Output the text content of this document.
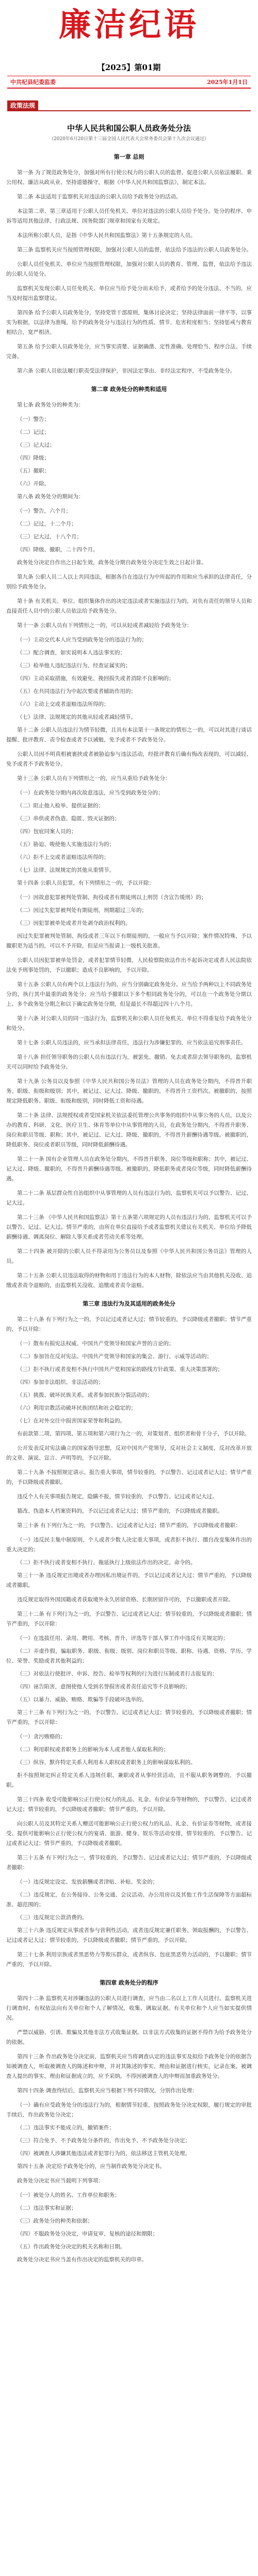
廉洁纪语
【2025】第01期
中共杞县纪委监委	2025年1月1日
政策法规
中华人民共和国公职人员政务处分法
（2020年6月20日第十三届全国人民代表大会常务委员会第十九次会议通过）

第一章 总则

第一条 为了规范政务处分，加强对所有行使公权力的公职人员的监督，促进公职人员依法履职、秉公用权、廉洁从政从业、坚持道德操守，根据《中华人民共和国监察法》，制定本法。

第二条 本法适用于监察机关对违法的公职人员给予政务处分的活动。

本法第二章、第三章适用于公职人员任免机关、单位对违法的公职人员给予处分。处分的程序、申诉等适用其他法律、行政法规、国务院部门规章和国家有关规定。

本法所称公职人员，是指《中华人民共和国监察法》第十五条规定的人员。

第三条 监察机关应当按照管理权限，加强对公职人员的监督，依法给予违法的公职人员政务处分。

公职人员任免机关、单位应当按照管理权限，加强对公职人员的教育、管理、监督，依法给予违法的公职人员处分。

监察机关发现公职人员任免机关、单位应当给予处分而未给予，或者给予的处分违法、不当的，应当及时提出监察建议。

第四条 给予公职人员政务处分，坚持党管干部原则，集体讨论决定；坚持法律面前一律平等，以事实为根据，以法律为准绳，给予的政务处分与违法行为的性质、情节、危害程度相当；坚持惩戒与教育相结合，宽严相济。

第五条 给予公职人员政务处分，应当事实清楚、证据确凿、定性准确、处理恰当、程序合法、手续完备。

第六条 公职人员依法履行职责受法律保护，非因法定事由、非经法定程序，不受政务处分。

第二章 政务处分的种类和适用

第七条 政务处分的种类为：

（一）警告；

（二）记过；

（三）记大过；

（四）降级；

（五）撤职；

（六）开除。

第八条 政务处分的期间为：

（一）警告，六个月；

（二）记过，十二个月；

（三）记大过，十八个月；

（四）降级、撤职，二十四个月。

政务处分决定自作出之日起生效，政务处分期自政务处分决定生效之日起计算。

第九条 公职人员二人以上共同违法，根据各自在违法行为中所起的作用和应当承担的法律责任，分别给予政务处分。

第十条 有关机关、单位、组织集体作出的决定违法或者实施违法行为的，对负有责任的领导人员和直接责任人员中的公职人员依法给予政务处分。

第十一条 公职人员有下列情形之一的，可以从轻或者减轻给予政务处分：

（一）主动交代本人应当受到政务处分的违法行为的；

（二）配合调查，如实说明本人违法事实的；

（三）检举他人违纪违法行为，经查证属实的；

（四）主动采取措施，有效避免、挽回损失或者消除不良影响的；

（五）在共同违法行为中起次要或者辅助作用的；

（六）主动上交或者退赔违法所得的；

（七）法律、法规规定的其他从轻或者减轻情节。

第十二条 公职人员违法行为情节轻微，且具有本法第十一条规定的情形之一的，可以对其进行谈话提醒、批评教育、责令检查或者予以诫勉，免予或者不予政务处分。

公职人员因不明真相被裹挟或者被胁迫参与违法活动，经批评教育后确有悔改表现的，可以减轻、免予或者不予政务处分。

第十三条 公职人员有下列情形之一的，应当从重给予政务处分：

（一）在政务处分期内再次故意违法，应当受到政务处分的；

（二）阻止他人检举、提供证据的；

（三）串供或者伪造、隐匿、毁灭证据的；

（四）包庇同案人员的；

（五）胁迫、唆使他人实施违法行为的；

（六）拒不上交或者退赔违法所得的；

（七）法律、法规规定的其他从重情节。

第十四条 公职人员犯罪，有下列情形之一的，予以开除：

（一）因故意犯罪被判处管制、拘役或者有期徒刑以上刑罚（含宣告缓刑）的；

（二）因过失犯罪被判处有期徒刑，刑期超过三年的；

（三）因犯罪被单处或者并处剥夺政治权利的。

因过失犯罪被判处管制、拘役或者三年以下有期徒刑的，一般应当予以开除；案件情况特殊，予以撤职更为适当的，可以不予开除，但是应当报请上一级机关批准。

公职人员因犯罪被单处罚金，或者犯罪情节轻微，人民检察院依法作出不起诉决定或者人民法院依法免予刑事处罚的，予以撤职；造成不良影响的，予以开除。

第十五条 公职人员有两个以上违法行为的，应当分别确定政务处分。应当给予两种以上不同政务处分的，执行其中最重的政务处分；应当给予撤职以下多个相同政务处分的，可以在一个政务处分期以上、多个政务处分期之和以下确定政务处分期，但是最长不得超过四十八个月。

第十六条 对公职人员的同一违法行为，监察机关和公职人员任免机关、单位不得重复给予政务处分和处分。

第十七条 公职人员违法的，应当承担法律责任，违法行为涉嫌犯罪的，应当依法追究刑事责任。

第十八条 担任领导职务的公职人员有违法行为，被罢免、撤销、免去或者辞去领导职务的，监察机关可以同时给予政务处分。

第十九条 公务员以及参照《中华人民共和国公务员法》管理的人员在政务处分期内，不得晋升职务、职级、衔级和级别；其中，被记过、记大过、降级、撤职的，不得晋升工资档次。被撤职的，按照规定降低职务、职级、衔级和级别，同时降低工资和待遇。

第二十条 法律、法规授权或者受国家机关依法委托管理公共事务的组织中从事公务的人员，以及公办的教育、科研、文化、医疗卫生、体育等单位中从事管理的人员，在政务处分期内，不得晋升职务、岗位和职员等级、职称；其中，被记过、记大过、降级、撤职的，不得晋升薪酬待遇等级。被撤职的，降低职务、岗位或者职员等级，同时降低薪酬待遇。

第二十一条 国有企业管理人员在政务处分期内，不得晋升职务、岗位等级和职称；其中，被记过、记大过、降级、撤职的，不得晋升薪酬待遇等级。被撤职的，降低职务或者岗位等级，同时降低薪酬待遇。

第二十二条 基层群众性自治组织中从事管理的人员有违法行为的，监察机关可以予以警告、记过、记大过。

第二十三条 《中华人民共和国监察法》第十五条第六项规定的人员有违法行为的，监察机关可以予以警告、记过、记大过。情节严重的，由所在单位直接给予或者监察机关建议有关机关、单位给予降低薪酬待遇、调离岗位、解除人事关系或者劳动关系等处理。

第二十四条 被开除的公职人员不得录用为公务员以及参照《中华人民共和国公务员法》管理的人员。

第二十五条 公职人员违法取得的财物和用于违法行为的本人财物，除依法应当由其他机关没收、追缴或者责令退赔的，由监察机关没收、追缴或者责令退赔。

第三章 违法行为及其适用的政务处分

第二十八条 有下列行为之一的，予以记过或者记大过；情节较重的，予以降级或者撤职；情节严重的，予以开除：

（一）散布有损宪法权威、中国共产党领导和国家声誉的言论的；

（二）参加旨在反对宪法、中国共产党领导和国家的集会、游行、示威等活动的；

（三）拒不执行或者变相不执行中国共产党和国家的路线方针政策、重大决策部署的；

（四）参加非法组织、非法活动的；

（五）挑拨、破坏民族关系，或者参加民族分裂活动的；

（六）利用宗教活动破坏民族团结和社会稳定的；

（七）在对外交往中损害国家荣誉和利益的。

有前款第二项、第四项、第五项和第六项行为之一的，对策划者、组织者和骨干分子，予以开除。

公开发表反对宪法确立的国家指导思想，反对中国共产党领导，反对社会主义制度，反对改革开放的文章、演说、宣言、声明等的，予以开除。

第二十九条 不按照规定请示、报告重大事项，情节较重的，予以警告、记过或者记大过；情节严重的，予以降级或者撤职。

违反个人有关事项报告规定，隐瞒不报，情节较重的，予以警告、记过或者记大过。

篡改、伪造本人档案资料的，予以记过或者记大过；情节严重的，予以降级或者撤职。

第三十条 有下列行为之一的，予以警告、记过或者记大过；情节严重的，予以降级或者撤职：

（一）违反民主集中制原则，个人或者少数人决定重大事项，或者拒不执行、擅自改变集体作出的重大决定的；

（二）拒不执行或者变相不执行、拖延执行上级依法作出的决定、命令的。

第三十一条 违反规定出境或者办理因私出境证件的，予以记过或者记大过；情节严重的，予以降级或者撤职。

违反规定取得外国国籍或者获取境外永久居留资格、长期居留许可的，予以撤职或者开除。

第三十二条 有下列行为之一的，予以警告、记过或者记大过；情节较重的，予以降级或者撤职；情节严重的，予以开除：

（一）在选拔任用、录用、聘用、考核、晋升、评选等干部人事工作中违反有关规定的；

（二）弄虚作假，骗取职务、职级、衔级、级别、岗位和职员等级、职称、待遇、资格、学历、学位、荣誉、奖励或者其他利益的；

（三）对依法行使批评、申诉、控告、检举等权利的行为进行压制或者打击报复的；

（四）诬告陷害，意图使他人受到名誉损害或者责任追究等不良影响的；

（五）以暴力、威胁、贿赂、欺骗等手段破坏选举的。

第三十三条 有下列行为之一的，予以警告、记过或者记大过；情节较重的，予以降级或者撤职；情节严重的，予以开除：

（一）贪污贿赂的；

（二）利用职权或者职务上的影响为本人或者他人谋取私利的；

（三）纵容、默许特定关系人利用本人职权或者职务上的影响谋取私利的。

拒不按照规定纠正特定关系人违规任职、兼职或者从事经营活动，且不服从职务调整的，予以撤职。

第三十四条 收受可能影响公正行使公权力的礼品、礼金、有价证券等财物的，予以警告、记过或者记大过；情节较重的，予以降级或者撤职；情节严重的，予以开除。

向公职人员及其特定关系人赠送可能影响公正行使公权力的礼品、礼金、有价证券等财物，或者接受、提供可能影响公正行使公权力的宴请、旅游、健身、娱乐等活动安排，情节较重的，予以警告、记过或者记大过；情节严重的，予以降级或者撤职。

第三十五条 有下列行为之一，情节较重的，予以警告、记过或者记大过；情节严重的，予以降级或者撤职：

（一）违反规定设定、发放薪酬或者津贴、补贴、奖金的；

（二）违反规定，在公务接待、公务交通、会议活动、办公用房以及其他工作生活保障等方面超标准、超范围的；

（三）违反规定公款消费的。

第三十六条 违反规定从事或者参与营利性活动，或者违反规定兼任职务、领取报酬的，予以警告、记过或者记大过；情节较重的，予以降级或者撤职；情节严重的，予以开除。

第三十七条 利用宗族或者黑恶势力等欺压群众，或者纵容、包庇黑恶势力活动的，予以撤职；情节严重的，予以开除。

第四章 政务处分的程序

第四十二条 监察机关对涉嫌违法的公职人员进行调查，应当由二名以上工作人员进行。监察机关进行调查时，有权依法向有关单位和个人了解情况，收集、调取证据。有关单位和个人应当如实提供情况。

严禁以威胁、引诱、欺骗及其他非法方式收集证据。以非法方式收集的证据不得作为给予政务处分的依据。

第四十三条 作出政务处分决定前，监察机关应当将调查认定的违法事实及拟给予政务处分的依据告知被调查人，听取被调查人的陈述和申辩，并对其陈述的事实、理由和证据进行核实，记录在案。被调查人提出的事实、理由和证据成立的，应予采纳。不得因被调查人的申辩而加重政务处分。

第四十四条 调查终结后，监察机关应当根据下列不同情况，分别作出处理：

（一）确有应受政务处分的违法行为的，根据情节轻重，按照政务处分决定权限，履行规定的审批手续后，作出政务处分决定；

（二）违法事实不能成立的，撤销案件；

（三）符合免予、不予政务处分条件的，作出免予、不予政务处分决定；

（四）被调查人涉嫌其他违法或者犯罪行为的，依法移送主管机关处理。

第四十五条 决定给予政务处分的，应当制作政务处分决定书。

政务处分决定书应当载明下列事项：

（一）被处分人的姓名、工作单位和职务；

（二）违法事实和证据；

（三）政务处分的种类和依据；

（四）不服政务处分决定，申请复审、复核的途径和期限；

（五）作出政务处分决定的机关名称和日期。

政务处分决定书应当盖有作出决定的监察机关的印章。
